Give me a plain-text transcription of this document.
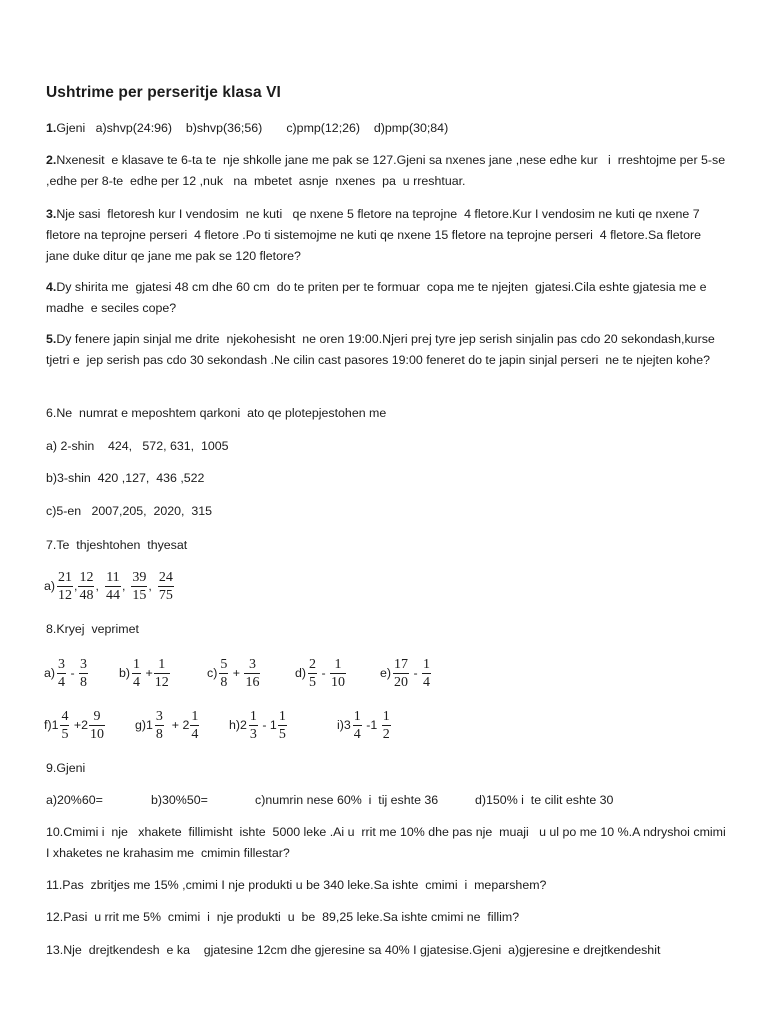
Ushtrime per perseritje klasa VI
1.Gjeni   a)shvp(24:96)    b)shvp(36;56)       c)pmp(12;26)    d)pmp(30;84)
2.Nxenesit  e klasave te 6-ta te  nje shkolle jane me pak se 127.Gjeni sa nxenes jane ,nese edhe kur   i  rreshtojme per 5-se ,edhe per 8-te  edhe per 12 ,nuk   na  mbetet  asnje  nxenes  pa  u rreshtuar.
3.Nje sasi  fletoresh kur I vendosim  ne kuti   qe nxene 5 fletore na teprojne  4 fletore.Kur I vendosim ne kuti qe nxene 7 fletore na teprojne perseri  4 fletore .Po ti sistemojme ne kuti qe nxene 15 fletore na teprojne perseri  4 fletore.Sa fletore jane duke ditur qe jane me pak se 120 fletore?
4.Dy shirita me  gjatesi 48 cm dhe 60 cm  do te priten per te formuar  copa me te njejten  gjatesi.Cila eshte gjatesia me e madhe  e seciles cope?
5.Dy fenere japin sinjal me drite  njekohesisht  ne oren 19:00.Njeri prej tyre jep serish sinjalin pas cdo 20 sekondash,kurse tjetri e  jep serish pas cdo 30 sekondash .Ne cilin cast pasores 19:00 feneret do te japin sinjal perseri  ne te njejten kohe?
6.Ne  numrat e meposhtem qarkoni  ato qe plotepjestohen me
a) 2-shin    424,   572, 631,  1005
b)3-shin  420 ,127,  436 ,522
c)5-en   2007,205,  2020,  315
7.Te  thjeshtohen  thyesat
$a) \frac{21}{12}$ , $\frac{12}{48}$ , $\frac{11}{44}$ , $\frac{39}{15}$ , $\frac{24}{75}$
8.Kryej  veprimet
$a) \frac{3}{4} - \frac{3}{8} b) \frac{1}{4} + \frac{1}{12}$	$c) \frac{5}{8} + \frac{3}{16}$	$d) \frac{2}{5} - \frac{1}{10}$	$e) \frac{17}{20} - \frac{1}{4}$
$f)1 \frac{4}{5} +2 \frac{9}{10} g)1 \frac{3}{8} + 2 \frac{1}{4} h)2 \frac{1}{3} - 1 \frac{1}{5}$	$i)3 \frac{1}{4} -1 \frac{1}{2}$
9.Gjeni
a)20%60=	b)30%50=	c)numrin nese 60%  i  tij eshte 36	d)150% i  te cilit eshte 30
10.Cmimi i  nje   xhakete  fillimisht  ishte  5000 leke .Ai u  rrit me 10% dhe pas nje  muaji   u ul po me 10 %.A ndryshoi cmimi I xhaketes ne krahasim me  cmimin fillestar?
11.Pas  zbritjes me 15% ,cmimi I nje produkti u be 340 leke.Sa ishte  cmimi  i  meparshem?
12.Pasi  u rrit me 5%  cmimi  i  nje produkti  u  be  89,25 leke.Sa ishte cmimi ne  fillim?
13.Nje  drejtkendesh  e ka    gjatesine 12cm dhe gjeresine sa 40% I gjatesise.Gjeni  a)gjeresine e drejtkendeshit
